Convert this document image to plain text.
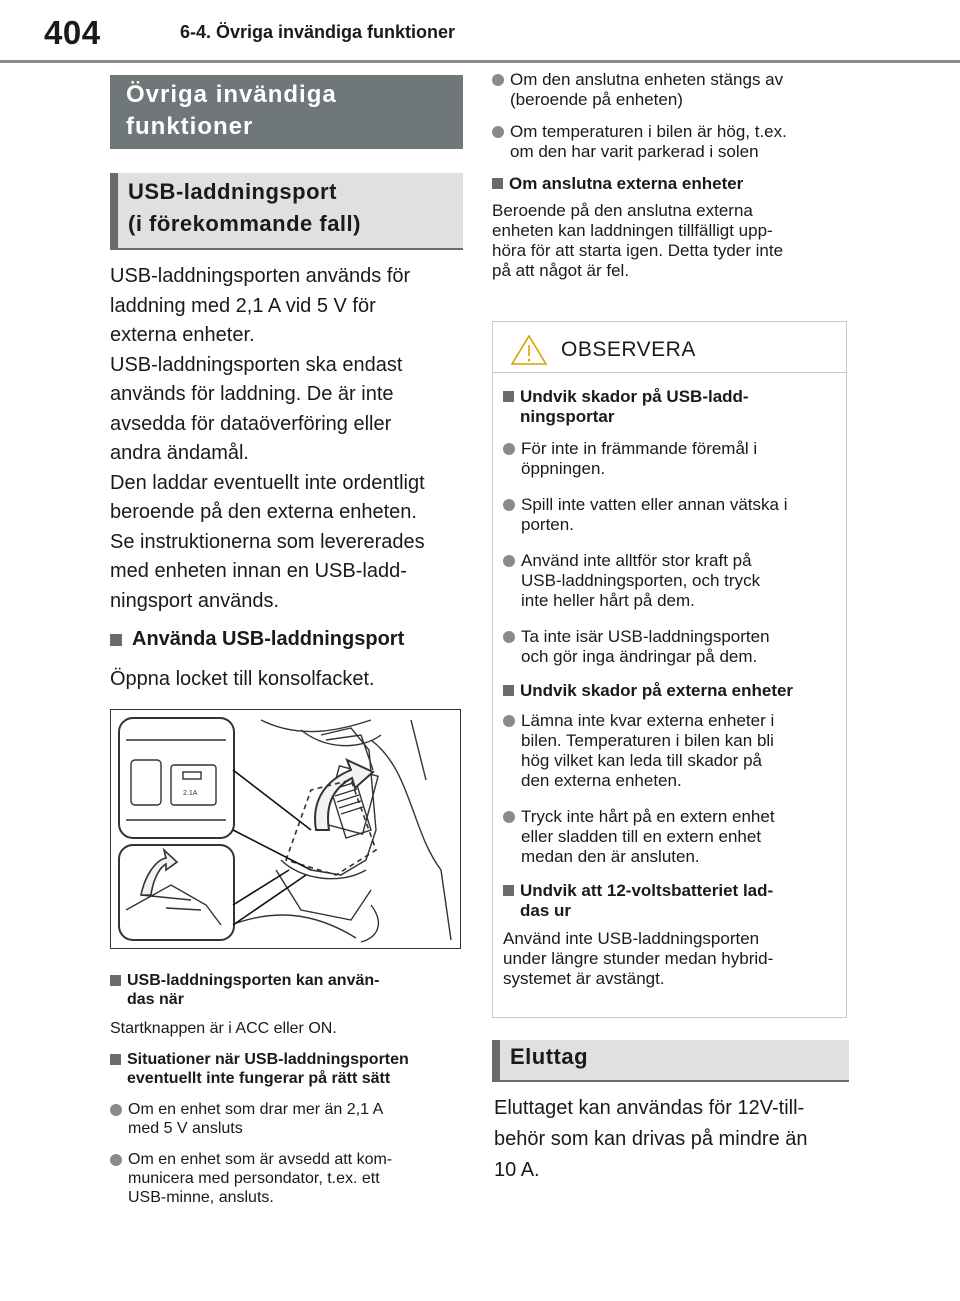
404	6-4. Övriga invändiga funktioner
Övriga invändiga
funktioner
USB-laddningsport
(i förekommande fall)

USB-laddningsporten används för

laddning med 2,1 A vid 5 V för

externa enheter.

USB-laddningsporten ska endast

används för laddning. De är inte

avsedda för dataöverföring eller

andra ändamål.

Den laddar eventuellt inte ordentligt

beroende på den externa enheten.

Se instruktionerna som levererades

med enheten innan en USB-ladd-

ningsport används.

Använda USB-laddningsport

Öppna locket till konsolfacket.

2.1A
USB-laddningsporten kan använ-
das när
Startknappen är i ACC eller ON.
Situationer när USB-laddningsporten
eventuellt inte fungerar på rätt sätt
Om en enhet som drar mer än 2,1 A
med 5 V ansluts
Om en enhet som är avsedd att kom-
municera med persondator, t.ex. ett
USB-minne, ansluts.
Om den anslutna enheten stängs av
(beroende på enheten)
Om temperaturen i bilen är hög, t.ex.
om den har varit parkerad i solen
Om anslutna externa enheter
Beroende på den anslutna externa
enheten kan laddningen tillfälligt upp-
höra för att starta igen. Detta tyder inte
på att något är fel.
OBSERVERA
Undvik skador på USB-ladd-
ningsportar
För inte in främmande föremål i
öppningen.
Spill inte vatten eller annan vätska i
porten.
Använd inte alltför stor kraft på
USB-laddningsporten, och tryck
inte heller hårt på dem.
Ta inte isär USB-laddningsporten
och gör inga ändringar på dem.
Undvik skador på externa enheter
Lämna inte kvar externa enheter i
bilen. Temperaturen i bilen kan bli
hög vilket kan leda till skador på
den externa enheten.
Tryck inte hårt på en extern enhet
eller sladden till en extern enhet
medan den är ansluten.
Undvik att 12-voltsbatteriet lad-
das ur
Använd inte USB-laddningsporten
under längre stunder medan hybrid-
systemet är avstängt.
Eluttag

Eluttaget kan användas för 12V-till-

behör som kan drivas på mindre än

10 A.
